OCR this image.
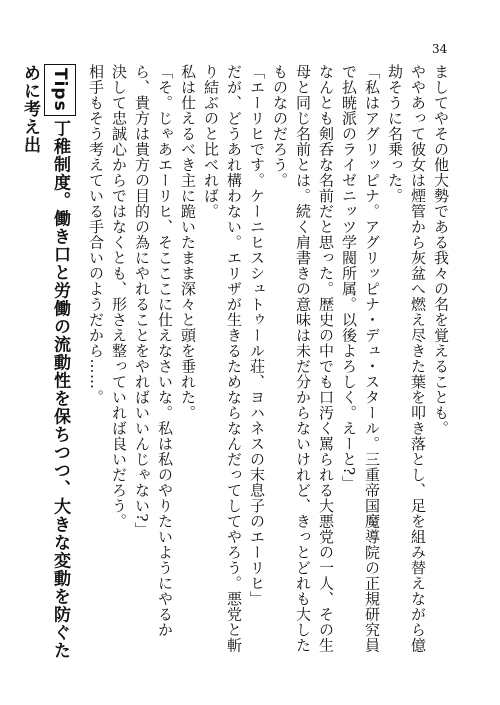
34

ましてやその他大勢である我々の名を覚えることも。

ややあって彼女は煙管から灰盆へ燃え尽きた葉を叩き落とし、足を組み替えながら億劫そうに名乗った。

「私はアグリッピナ。アグリッピナ・デュ・スタール。三重帝国魔導院の正規研究員で払暁派のライゼニッツ学閥所属。以後よろしく。えーと?」

なんとも剣呑な名前だと思った。歴史の中でも口汚く罵られる大悪党の一人、その生母と同じ名前とは。続く肩書きの意味は未だ分からないけれど、きっとどれも大したものなのだろう。

「エーリヒです。ケーニヒスシュトゥール荘、ヨハネスの末息子のエーリヒ」

だが、どうあれ構わない。エリザが生きるためならなんだってしてやろう。悪党と斬り結ぶのと比べれば。

私は仕えるべき主に跪いたまま深々と頭を垂れた。

「そ。じゃあエーリヒ、そこここに仕えなさいな。私は私のやりたいようにやるから、貴方は貴方の目的の為にやれることをやればいいんじゃない?」

決して忠誠心からではなくとも、形さえ整っていれば良いだろう。

相手もそう考えている手合いのようだから……。

Tips丁稚制度。働き口と労働の流動性を保ちつつ、大きな変動を防ぐために考え出
